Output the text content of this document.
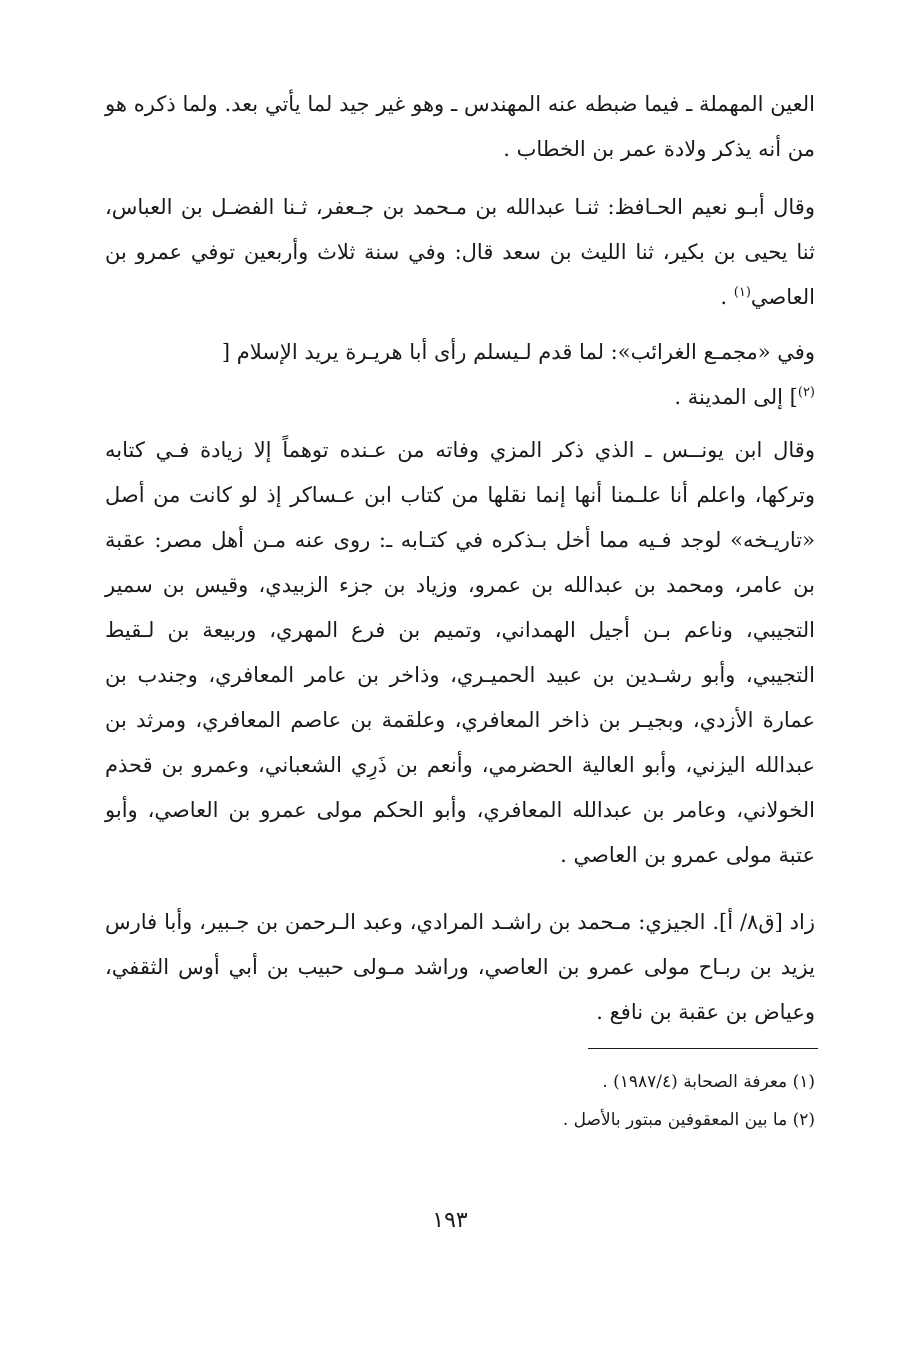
العين المهملة ـ فيما ضبطه عنه المهندس ـ وهو غير جيد لما يأتي بعد. ولما ذكره هو من أنه يذكر ولادة عمر بن الخطاب .

وقال أبـو نعيم الحـافظ: ثنـا عبدالله بن مـحمد بن جـعفر، ثـنا الفضـل بن العباس، ثنا يحيى بن بكير، ثنا الليث بن سعد قال: وفي سنة ثلاث وأربعين توفي عمرو بن العاصي$^{(١)}$ .

وفي «مجمـع الغرائب»: لما قدم لـيسلم رأى أبا هريـرة يريد الإسلام [
$^{(٢)}$] إلى المدينة .

وقال ابن يونــس ـ الذي ذكر المزي وفاته من عـنده توهماً إلا زيادة فـي كتابه وتركها، واعلم أنا علـمنا أنها إنما نقلها من كتاب ابن عـساكر إذ لو كانت من أصل «تاريـخه» لوجد فـيه مما أخل بـذكره في كتـابه ـ: روى عنه مـن أهل مصر: عقبة بن عامر، ومحمد بن عبدالله بن عمرو، وزياد بن جزء الزبيدي، وقيس بن سمير التجيبي، وناعم بـن أجيل الهمداني، وتميم بن فرع المهري، وربيعة بن لـقيط التجيبي، وأبو رشـدين بن عبيد الحميـري، وذاخر بن عامر المعافري، وجندب بن عمارة الأزدي، وبجيـر بن ذاخر المعافري، وعلقمة بن عاصم المعافري، ومرثد بن عبدالله اليزني، وأبو العالية الحضرمي، وأنعم بن ذَرِي الشعباني، وعمرو بن قحذم الخولاني، وعامر بن عبدالله المعافري، وأبو الحكم مولى عمرو بن العاصي، وأبو عتبة مولى عمرو بن العاصي .

زاد [ق٨/ أ]. الجيزي: مـحمد بن راشـد المرادي، وعبد الـرحمن بن جـبير، وأبا فارس يزيد بن ربـاح مولى عمرو بن العاصي، وراشد مـولى حبيب بن أبي أوس الثقفي، وعياض بن عقبة بن نافع .

(١) معرفة الصحابة (١٩٨٧/٤) .
(٢) ما بين المعقوفين مبتور بالأصل .
١٩٣
